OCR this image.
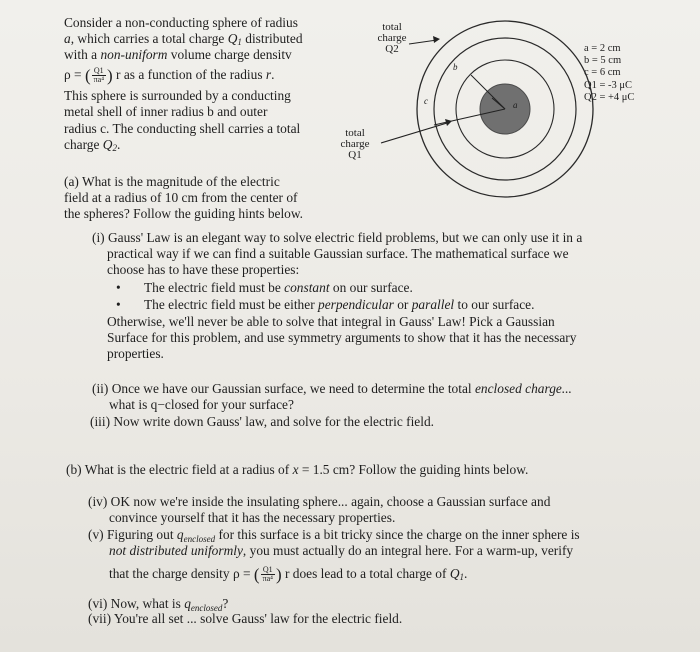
Consider a non-conducting sphere of radius
a, which carries a total charge $Q_1$ distributed
with a non-uniform volume charge densitv
ρ = ( $\frac{Q1}{\text{πa⁴}}$ ) r as a function of the radius r.
This sphere is surrounded by a conducting
metal shell of inner radius b and outer
radius c. The conducting shell carries a total
charge $Q_2$.
total
charge
Q2
total
charge
Q1
b
c	a
a = 2 cm
b = 5 cm
c = 6 cm
Q1 = -3 μC
Q2 = +4 μC
(a) What is the magnitude of the electric
field at a radius of 10 cm from the center of
the spheres? Follow the guiding hints below.
(i) Gauss' Law is an elegant way to solve electric field problems, but we can only use it in a
practical way if we can find a suitable Gaussian surface. The mathematical surface we
choose has to have these properties:
• The electric field must be constant on our surface.
• The electric field must be either perpendicular or parallel to our surface.
Otherwise, we'll never be able to solve that integral in Gauss' Law! Pick a Gaussian
Surface for this problem, and use symmetry arguments to show that it has the necessary
properties.
(ii) Once we have our Gaussian surface, we need to determine the total enclosed charge...
what is q−closed for your surface?
(iii) Now write down Gauss' law, and solve for the electric field.
(b) What is the electric field at a radius of x = 1.5 cm? Follow the guiding hints below.
(iv) OK now we're inside the insulating sphere... again, choose a Gaussian surface and
convince yourself that it has the necessary properties.
(v) Figuring out $q_{enclosed}$ for this surface is a bit tricky since the charge on the inner sphere is
not distributed uniformly, you must actually do an integral here. For a warm-up, verify
that the charge density ρ = ( $\frac{Q1}{\text{πa⁴}}$ ) r does lead to a total charge of $Q_1$.
(vi) Now, what is $q_{enclosed}$?
(vii) You're all set ... solve Gauss' law for the electric field.
